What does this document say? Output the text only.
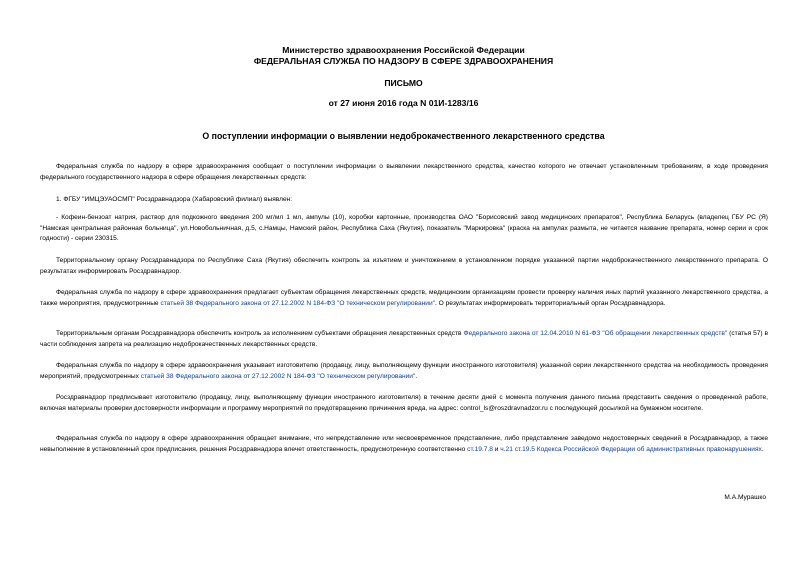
Министерство здравоохранения Российской Федерации
ФЕДЕРАЛЬНАЯ СЛУЖБА ПО НАДЗОРУ В СФЕРЕ ЗДРАВООХРАНЕНИЯ
ПИСЬМО
от 27 июня 2016 года N 01И-1283/16
О поступлении информации о выявлении недоброкачественного лекарственного средства

Федеральная служба по надзору в сфере здравоохранения сообщает о поступлении информации о выявлении лекарственного средства, качество которого не отвечает установленным требованиям, в ходе проведения федерального государственного надзора в сфере обращения лекарственных средств:

1. ФГБУ "ИМЦЭУАОСМП" Росздравнадзора (Хабаровский филиал) выявлен:

- Кофеин-бензоат натрия, раствор для подкожного введения 200 мг/мл 1 мл, ампулы (10), коробки картонные, производства ОАО "Борисовский завод медицинских препаратов", Республика Беларусь (владелец ГБУ РС (Я) "Намская центральная районная больница", ул.Новобольничная, д.5, с.Намцы, Намский район, Республика Саха (Якутия), показатель "Маркировка" (краска на ампулах размыта, не читается название препарата, номер серии и срок годности) - серии 230315.

Территориальному органу Росздравнадзора по Республике Саха (Якутия) обеспечить контроль за изъятием и уничтожением в установленном порядке указанной партии недоброкачественного лекарственного препарата. О результатах информировать Росздравнадзор.

Федеральная служба по надзору в сфере здравоохранения предлагает субъектам обращения лекарственных средств, медицинским организациям провести проверку наличия иных партий указанного лекарственного средства, а также мероприятия, предусмотренные статьей 38 Федерального закона от 27.12.2002 N 184-ФЗ "О техническом регулировании". О результатах информировать территориальный орган Росздравнадзора.

Территориальным органам Росздравнадзора обеспечить контроль за исполнением субъектами обращения лекарственных средств Федерального закона от 12.04.2010 N 61-ФЗ "Об обращении лекарственных средств" (статья 57) в части соблюдения запрета на реализацию недоброкачественных лекарственных средств.

Федеральная служба по надзору в сфере здравоохранения указывает изготовителю (продавцу, лицу, выполняющему функции иностранного изготовителя) указанной серии лекарственного средства на необходимость проведения мероприятий, предусмотренных статьей 38 Федерального закона от 27.12.2002 N 184-ФЗ "О техническом регулировании".

Росздравнадзор предписывает изготовителю (продавцу, лицу, выполняющему функции иностранного изготовителя) в течение десяти дней с момента получения данного письма представить сведения о проведенной работе, включая материалы проверки достоверности информации и программу мероприятий по предотвращению причинения вреда, на адрес: control_ls@roszdravnadzor.ru с последующей досылкой на бумажном носителе.

Федеральная служба по надзору в сфере здравоохранения обращает внимание, что непредставление или несвоевременное представление, либо представление заведомо недостоверных сведений в Росздравнадзор, а также невыполнение в установленный срок предписания, решения Росздравнадзора влечет ответственность, предусмотренную соответственно ст.19.7.8 и ч.21 ст.19.5 Кодекса Российской Федерации об административных правонарушениях.

М.А.Мурашко
